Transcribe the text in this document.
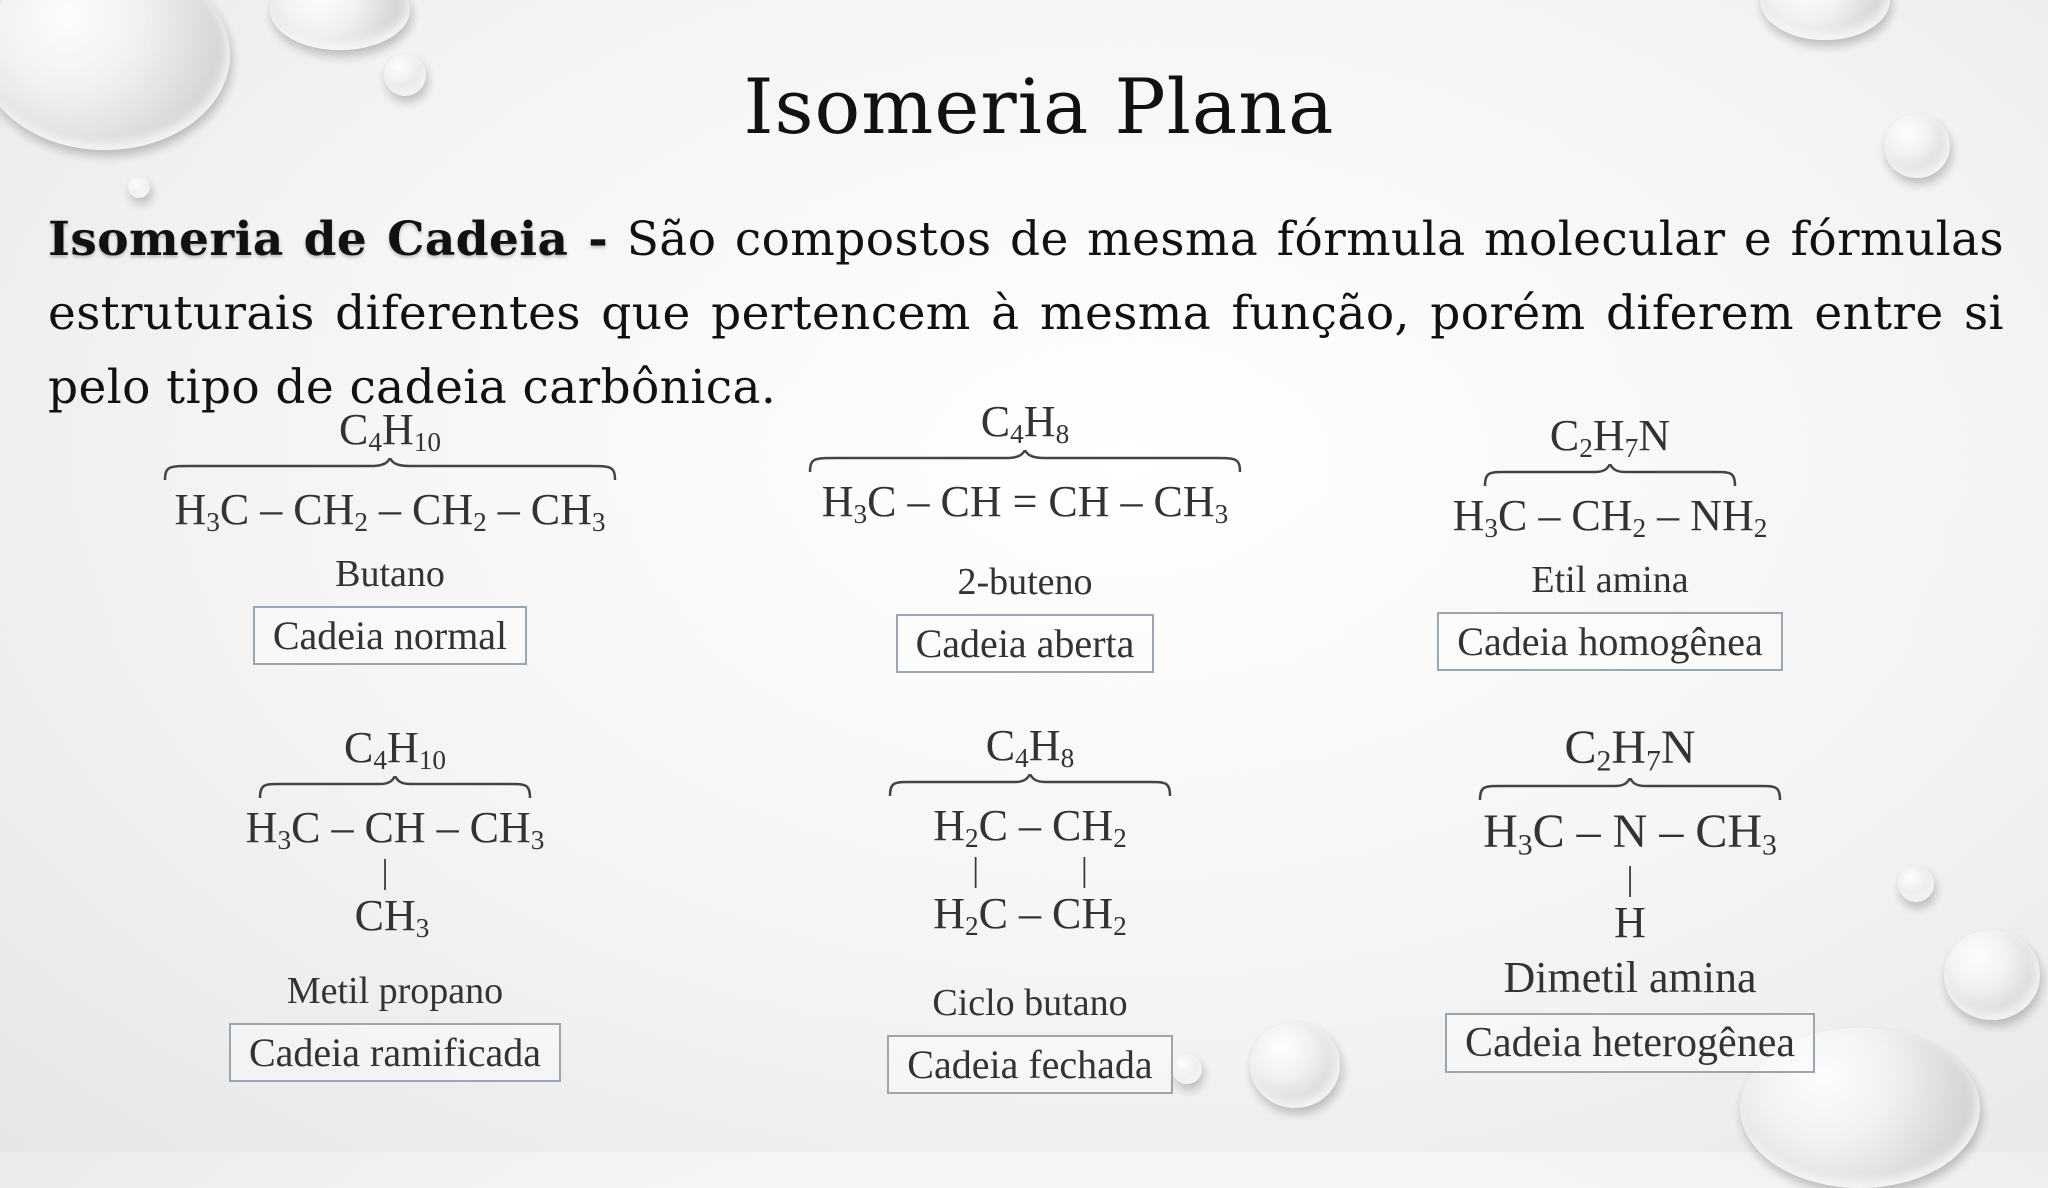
Isomeria Plana
Isomeria de Cadeia - São compostos de mesma fórmula molecular e fórmulas estruturais diferentes que pertencem à mesma função, porém diferem entre si pelo tipo de cadeia carbônica.
$C_4H_{10}$
$H_3C - CH_2 - CH_2 - CH_3$
Butano
Cadeia normal
$C_4H_8$
$H_3C$ – CH = CH – $CH_3$
2-buteno
Cadeia aberta
$C_2H_7N$
$H_3C - CH_2 - NH_2$
Etil amina
Cadeia homogênea
$C_4H_{10}$
$H_3C$ – CH – $CH_3$
|
$CH_3$
Metil propano
Cadeia ramificada
$C_4H_8$
$H_2C - CH_2$
|            |
$H_2C - CH_2$
Ciclo butano
Cadeia fechada
$C_2H_7N$
$H_3C$ – N – $CH_3$
|
H
Dimetil amina
Cadeia heterogênea
